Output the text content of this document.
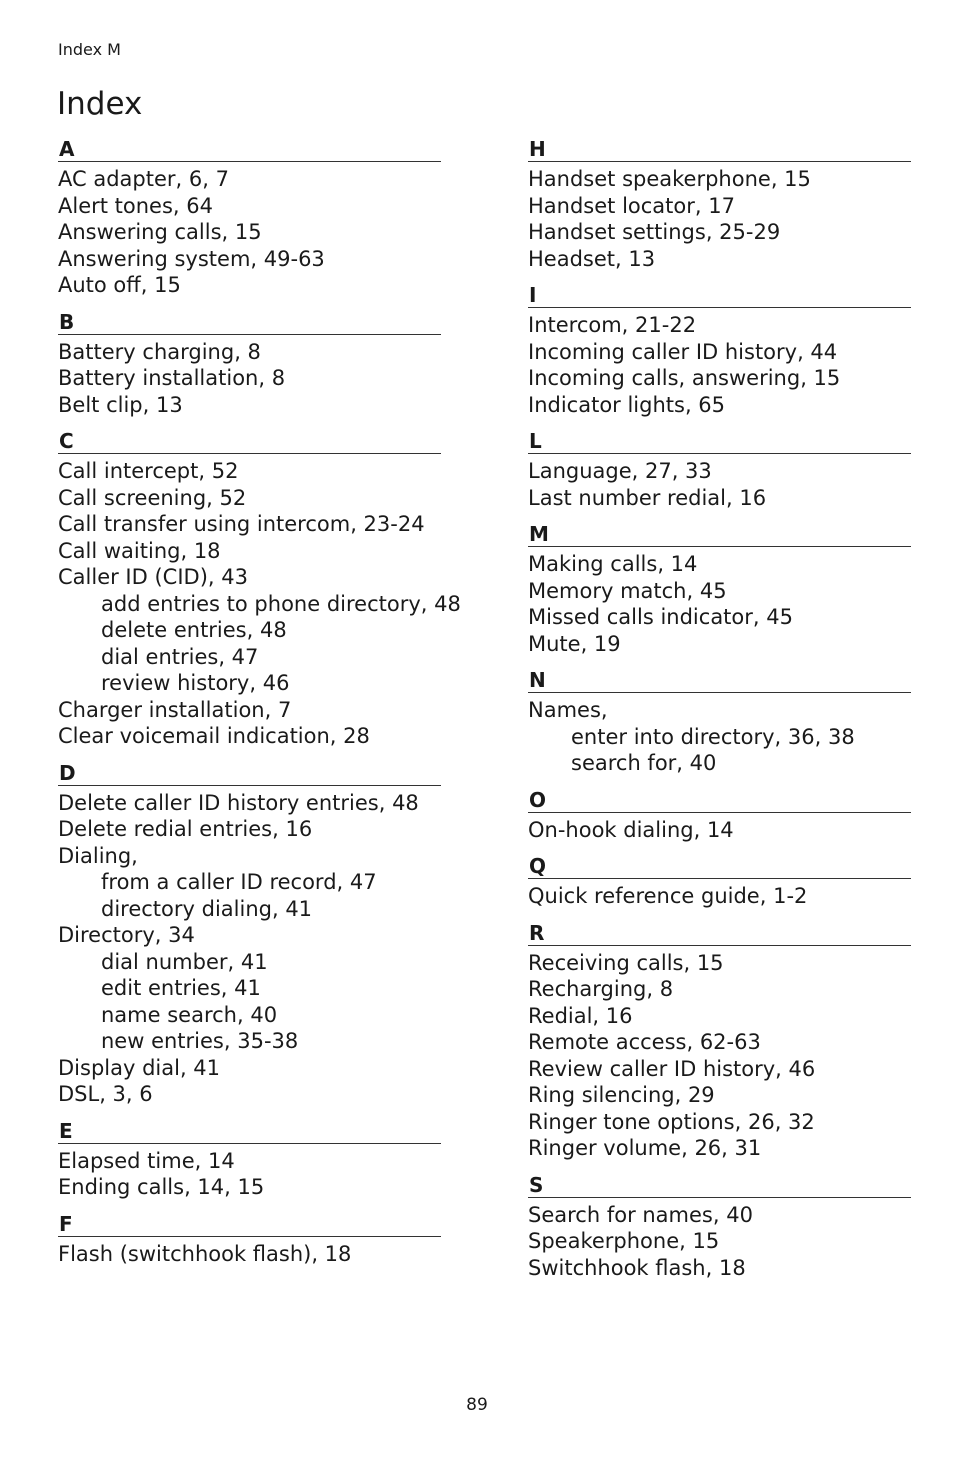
Index M
Index
A
AC adapter, 6, 7
Alert tones, 64
Answering calls, 15
Answering system, 49-63
Auto off, 15
B
Battery charging, 8
Battery installation, 8
Belt clip, 13
C
Call intercept, 52
Call screening, 52
Call transfer using intercom, 23-24
Call waiting, 18
Caller ID (CID), 43
add entries to phone directory, 48
delete entries, 48
dial entries, 47
review history, 46
Charger installation, 7
Clear voicemail indication, 28
D
Delete caller ID history entries, 48
Delete redial entries, 16
Dialing,
from a caller ID record, 47
directory dialing, 41
Directory, 34
dial number, 41
edit entries, 41
name search, 40
new entries, 35-38
Display dial, 41
DSL, 3, 6
E
Elapsed time, 14
Ending calls, 14, 15
F
Flash (switchhook flash), 18
H
Handset speakerphone, 15
Handset locator, 17
Handset settings, 25-29
Headset, 13
I
Intercom, 21-22
Incoming caller ID history, 44
Incoming calls, answering, 15
Indicator lights, 65
L
Language, 27, 33
Last number redial, 16
M
Making calls, 14
Memory match, 45
Missed calls indicator, 45
Mute, 19
N
Names,
enter into directory, 36, 38
search for, 40
O
On-hook dialing, 14
Q
Quick reference guide, 1-2
R
Receiving calls, 15
Recharging, 8
Redial, 16
Remote access, 62-63
Review caller ID history, 46
Ring silencing, 29
Ringer tone options, 26, 32
Ringer volume, 26, 31
S
Search for names, 40
Speakerphone, 15
Switchhook flash, 18
89
